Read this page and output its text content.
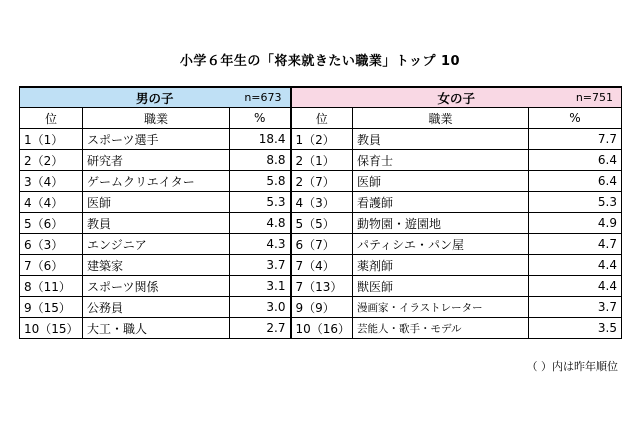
小学６年生の「将来就きたい職業」トップ 10
男の子 n=673			女の子 n=751		

位	職業	%	位	職業	%
1（1）	スポーツ選手	18.4	1（2）	教員	7.7
2（2）	研究者	8.8	2（1）	保育士	6.4
3（4）	ゲームクリエイター	5.8	2（7）	医師	6.4
4（4）	医師	5.3	4（3）	看護師	5.3
5（6）	教員	4.8	5（5）	動物園・遊園地	4.9
6（3）	エンジニア	4.3	6（7）	パティシエ・パン屋	4.7
7（6）	建築家	3.7	7（4）	薬剤師	4.4
8（11）	スポーツ関係	3.1	7（13）	獣医師	4.4
9（15）	公務員	3.0	9（9）	漫画家・イラストレーター	3.7
10（15）	大工・職人	2.7	10（16）	芸能人・歌手・モデル	3.5
（ ）内は昨年順位
